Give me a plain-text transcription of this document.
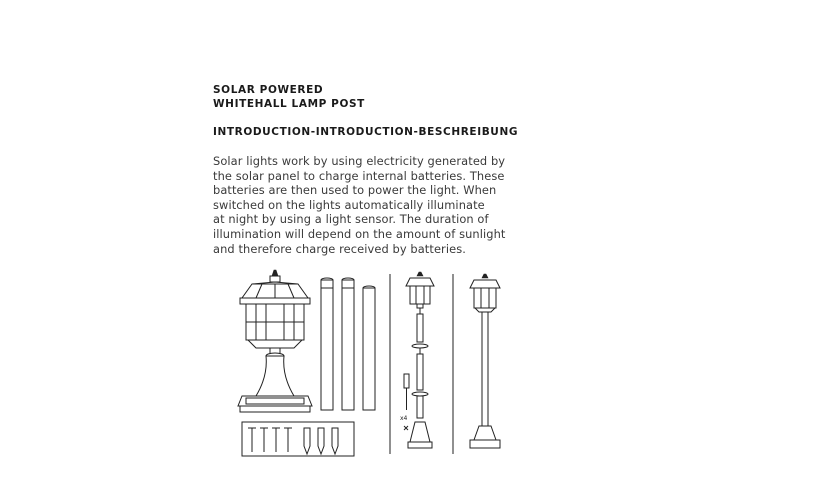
SOLAR POWERED
WHITEHALL LAMP POST
INTRODUCTION-INTRODUCTION-BESCHREIBUNG
Solar lights work by using electricity generated by
the solar panel to charge internal batteries. These
batteries are then used to power the light. When
switched on the lights automatically illuminate
at night by using a light sensor. The duration of
illumination will depend on the amount of sunlight
and therefore charge received by batteries.
x4
